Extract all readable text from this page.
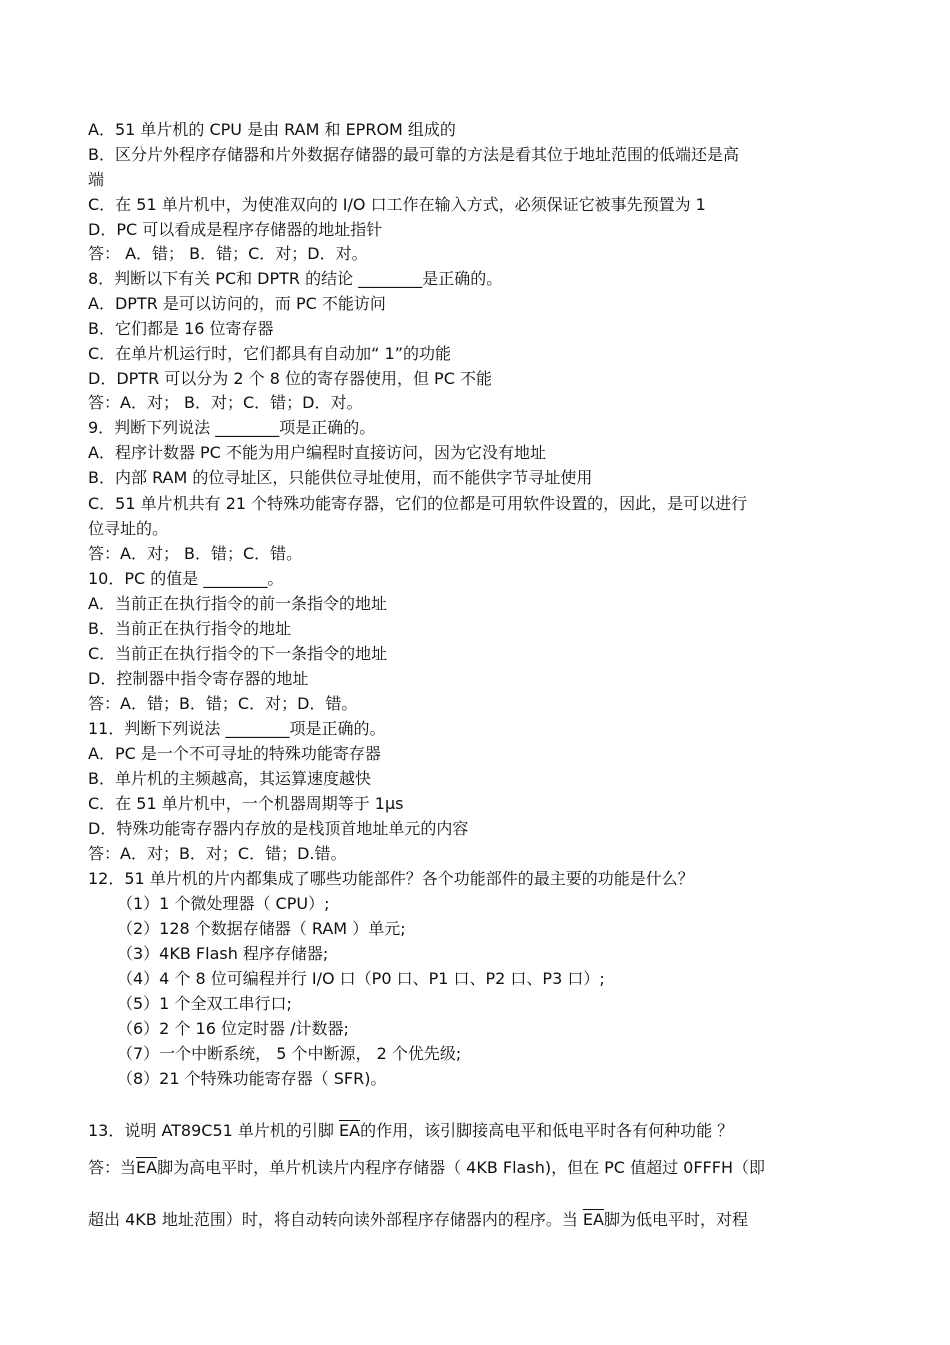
A．51 单片机的 CPU 是由 RAM 和 EPROM 组成的
B．区分片外程序存储器和片外数据存储器的最可靠的方法是看其位于地址范围的低端还是高
端
C．在 51 单片机中，为使准双向的 I/O 口工作在输入方式，必须保证它被事先预置为 1
D．PC 可以看成是程序存储器的地址指针
答： A．错； B．错；C．对；D．对。
8．判断以下有关 PC和 DPTR 的结论 ________是正确的。
A．DPTR 是可以访问的，而 PC 不能访问
B．它们都是 16 位寄存器
C．在单片机运行时，它们都具有自动加“ 1”的功能
D．DPTR 可以分为 2 个 8 位的寄存器使用，但 PC 不能
答：A．对； B．对；C．错；D．对。
9．判断下列说法 ________项是正确的。
A．程序计数器 PC 不能为用户编程时直接访问，因为它没有地址
B．内部 RAM 的位寻址区，只能供位寻址使用，而不能供字节寻址使用
C．51 单片机共有 21 个特殊功能寄存器，它们的位都是可用软件设置的，因此，是可以进行
位寻址的。
答：A．对； B．错；C．错。
10．PC 的值是 ________。
A．当前正在执行指令的前一条指令的地址
B．当前正在执行指令的地址
C．当前正在执行指令的下一条指令的地址
D．控制器中指令寄存器的地址
答：A．错；B．错；C．对；D．错。
11．判断下列说法 ________项是正确的。
A．PC 是一个不可寻址的特殊功能寄存器
B．单片机的主频越高，其运算速度越快
C．在 51 单片机中，一个机器周期等于 1μs
D．特殊功能寄存器内存放的是栈顶首地址单元的内容
答：A．对；B．对；C．错；D.错。
12．51 单片机的片内都集成了哪些功能部件？各个功能部件的最主要的功能是什么？
（1）1 个微处理器（ CPU）;
（2）128 个数据存储器（ RAM ）单元;
（3）4KB Flash 程序存储器;
（4）4 个 8 位可编程并行 I/O 口（P0 口、P1 口、P2 口、P3 口）;
（5）1 个全双工串行口;
（6）2 个 16 位定时器 /计数器;
（7）一个中断系统， 5 个中断源， 2 个优先级;
（8）21 个特殊功能寄存器（ SFR)。
13．说明 AT89C51 单片机的引脚 $\overline{EA}$的作用，该引脚接高电平和低电平时各有何种功能 ？
答：当$\overline{EA}$脚为高电平时，单片机读片内程序存储器（ 4KB Flash)，但在 PC 值超过 0FFFH（即
超出 4KB 地址范围）时，将自动转向读外部程序存储器内的程序。当 $\overline{EA}$脚为低电平时，对程
